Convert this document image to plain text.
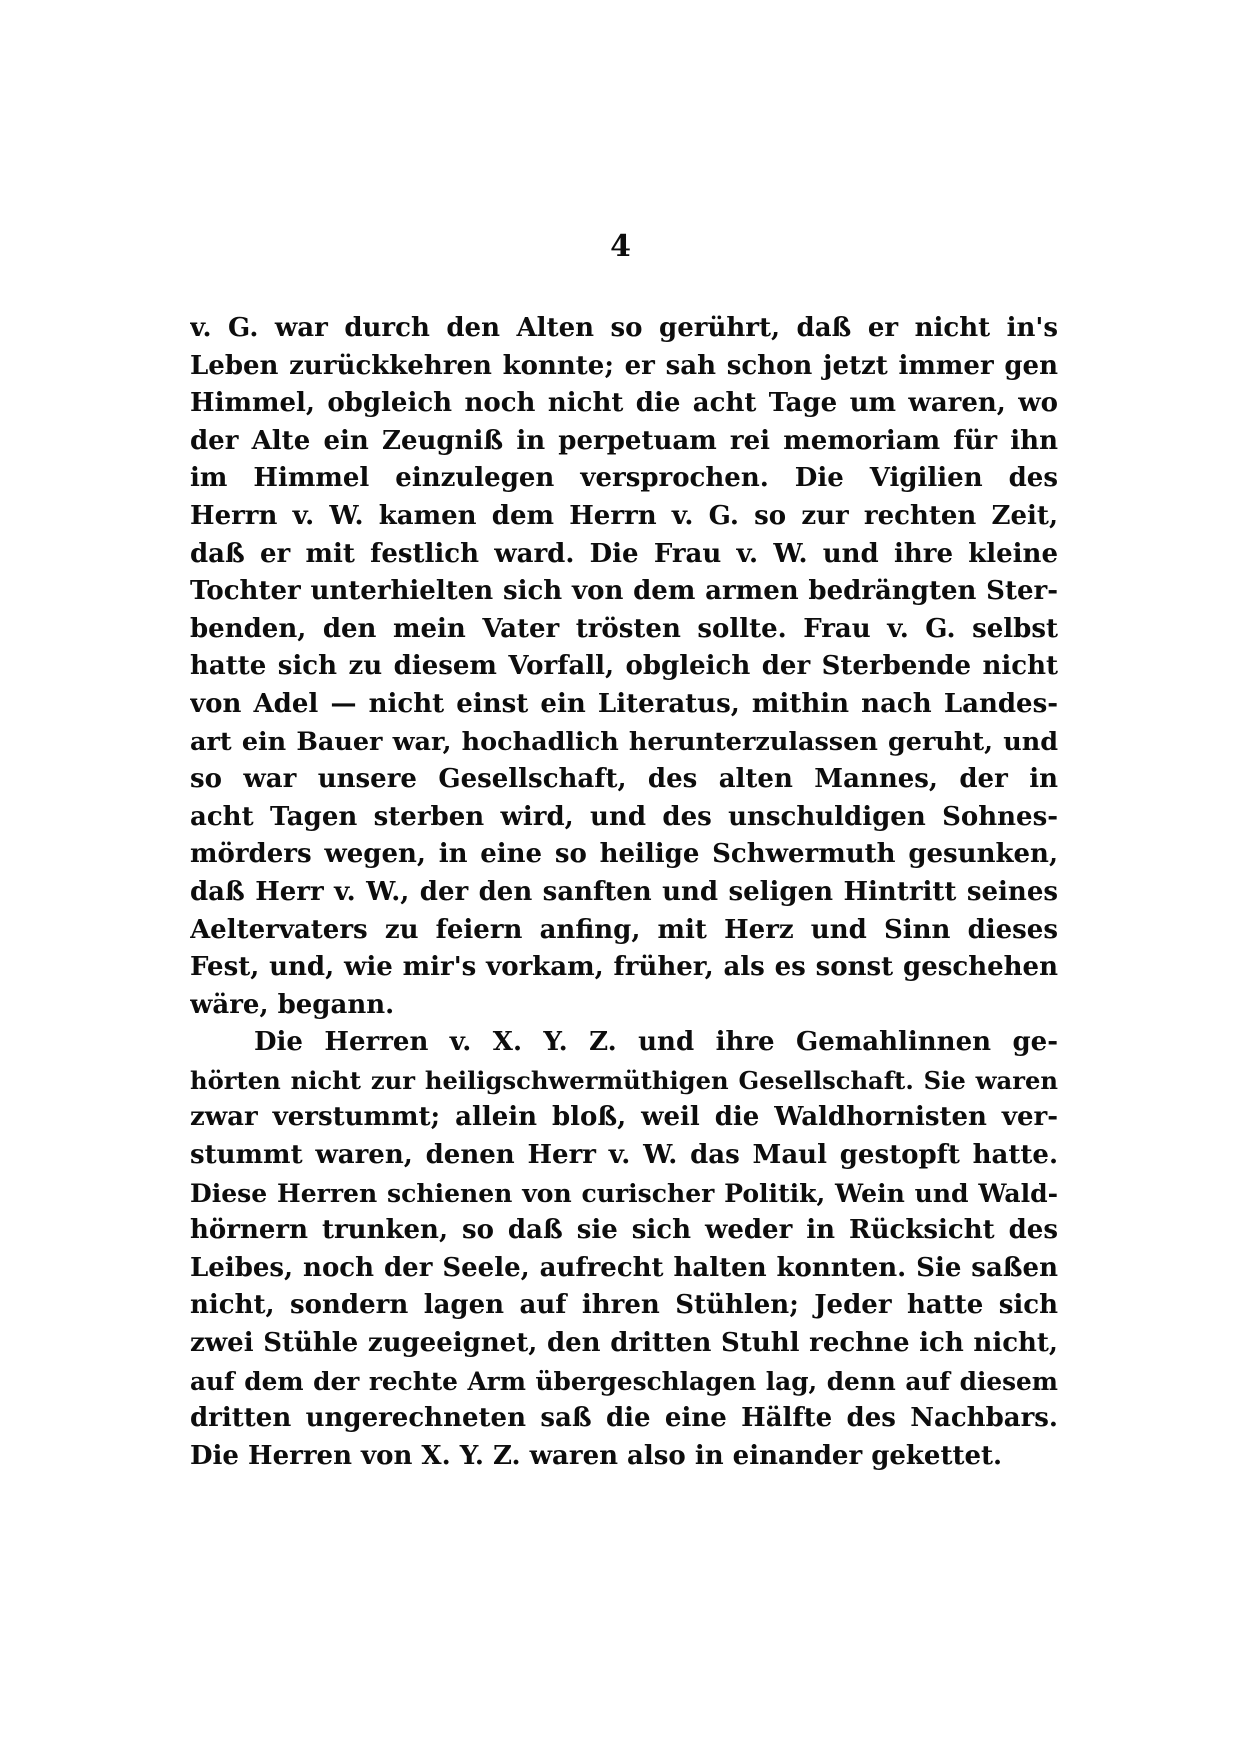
4
v. G. war durch den Alten so gerührt, daß er nicht in's
Leben zurückkehren konnte; er sah schon jetzt immer gen
Himmel, obgleich noch nicht die acht Tage um waren, wo
der Alte ein Zeugniß in perpetuam rei memoriam für ihn
im Himmel einzulegen versprochen. Die Vigilien des
Herrn v. W. kamen dem Herrn v. G. so zur rechten Zeit,
daß er mit festlich ward. Die Frau v. W. und ihre kleine
Tochter unterhielten sich von dem armen bedrängten Ster-
benden, den mein Vater trösten sollte. Frau v. G. selbst
hatte sich zu diesem Vorfall, obgleich der Sterbende nicht
von Adel — nicht einst ein Literatus, mithin nach Landes-
art ein Bauer war, hochadlich herunterzulassen geruht, und
so war unsere Gesellschaft, des alten Mannes, der in
acht Tagen sterben wird, und des unschuldigen Sohnes-
mörders wegen, in eine so heilige Schwermuth gesunken,
daß Herr v. W., der den sanften und seligen Hintritt seines
Aeltervaters zu feiern anfing, mit Herz und Sinn dieses
Fest, und, wie mir's vorkam, früher, als es sonst geschehen
wäre, begann.
Die Herren v. X. Y. Z. und ihre Gemahlinnen ge-
hörten nicht zur heiligschwermüthigen Gesellschaft. Sie waren
zwar verstummt; allein bloß, weil die Waldhornisten ver-
stummt waren, denen Herr v. W. das Maul gestopft hatte.
Diese Herren schienen von curischer Politik, Wein und Wald-
hörnern trunken, so daß sie sich weder in Rücksicht des
Leibes, noch der Seele, aufrecht halten konnten. Sie saßen
nicht, sondern lagen auf ihren Stühlen; Jeder hatte sich
zwei Stühle zugeeignet, den dritten Stuhl rechne ich nicht,
auf dem der rechte Arm übergeschlagen lag, denn auf diesem
dritten ungerechneten saß die eine Hälfte des Nachbars.
Die Herren von X. Y. Z. waren also in einander gekettet.
